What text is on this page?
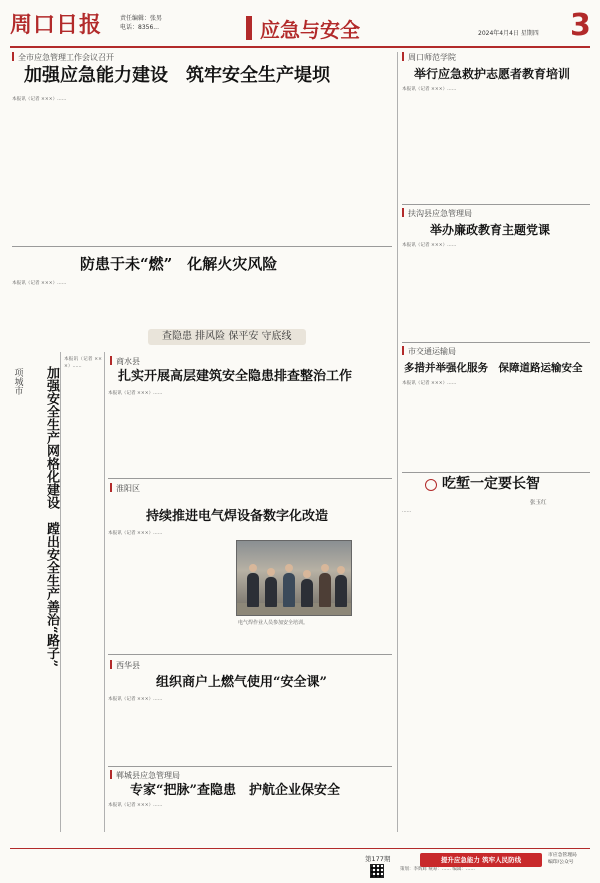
周口日报	责任编辑：张男
电话：8356...	应急与安全	2024年4月4日 星期四 3
全市应急管理工作会议召开
加强应急能力建设　筑牢安全生产堤坝
本报讯（记者 ×××）……
防患于未“燃”　化解火灾风险
本报讯（记者 ×××）……
周口师范学院
举行应急救护志愿者教育培训
本报讯（记者 ×××）……
扶沟县应急管理局
举办廉政教育主题党课
本报讯（记者 ×××）……
市交通运输局
多措并举强化服务　保障道路运输安全
本报讯（记者 ×××）……
吃堑一定要长智
张玉红
……
查隐患 排风险 保平安 守底线
项城市	加强安全生产网格化建设　蹚出安全生产善治“路子”
本报讯（记者 ×××）……
商水县
扎实开展高层建筑安全隐患排查整治工作
本报讯（记者 ×××）……
淮阳区
持续推进电气焊设备数字化改造
本报讯（记者 ×××）……
电气焊作业人员参加安全培训。
西华县
组织商户上燃气使用“安全课”
本报讯（记者 ×××）……
郸城县应急管理局
专家“把脉”查隐患　护航企业保安全
本报讯（记者 ×××）……
第177期
策划：李辉辉 统筹：…… 编辑：……
提升应急能力 筑牢人民防线
市应急管理局
编印/公众号
